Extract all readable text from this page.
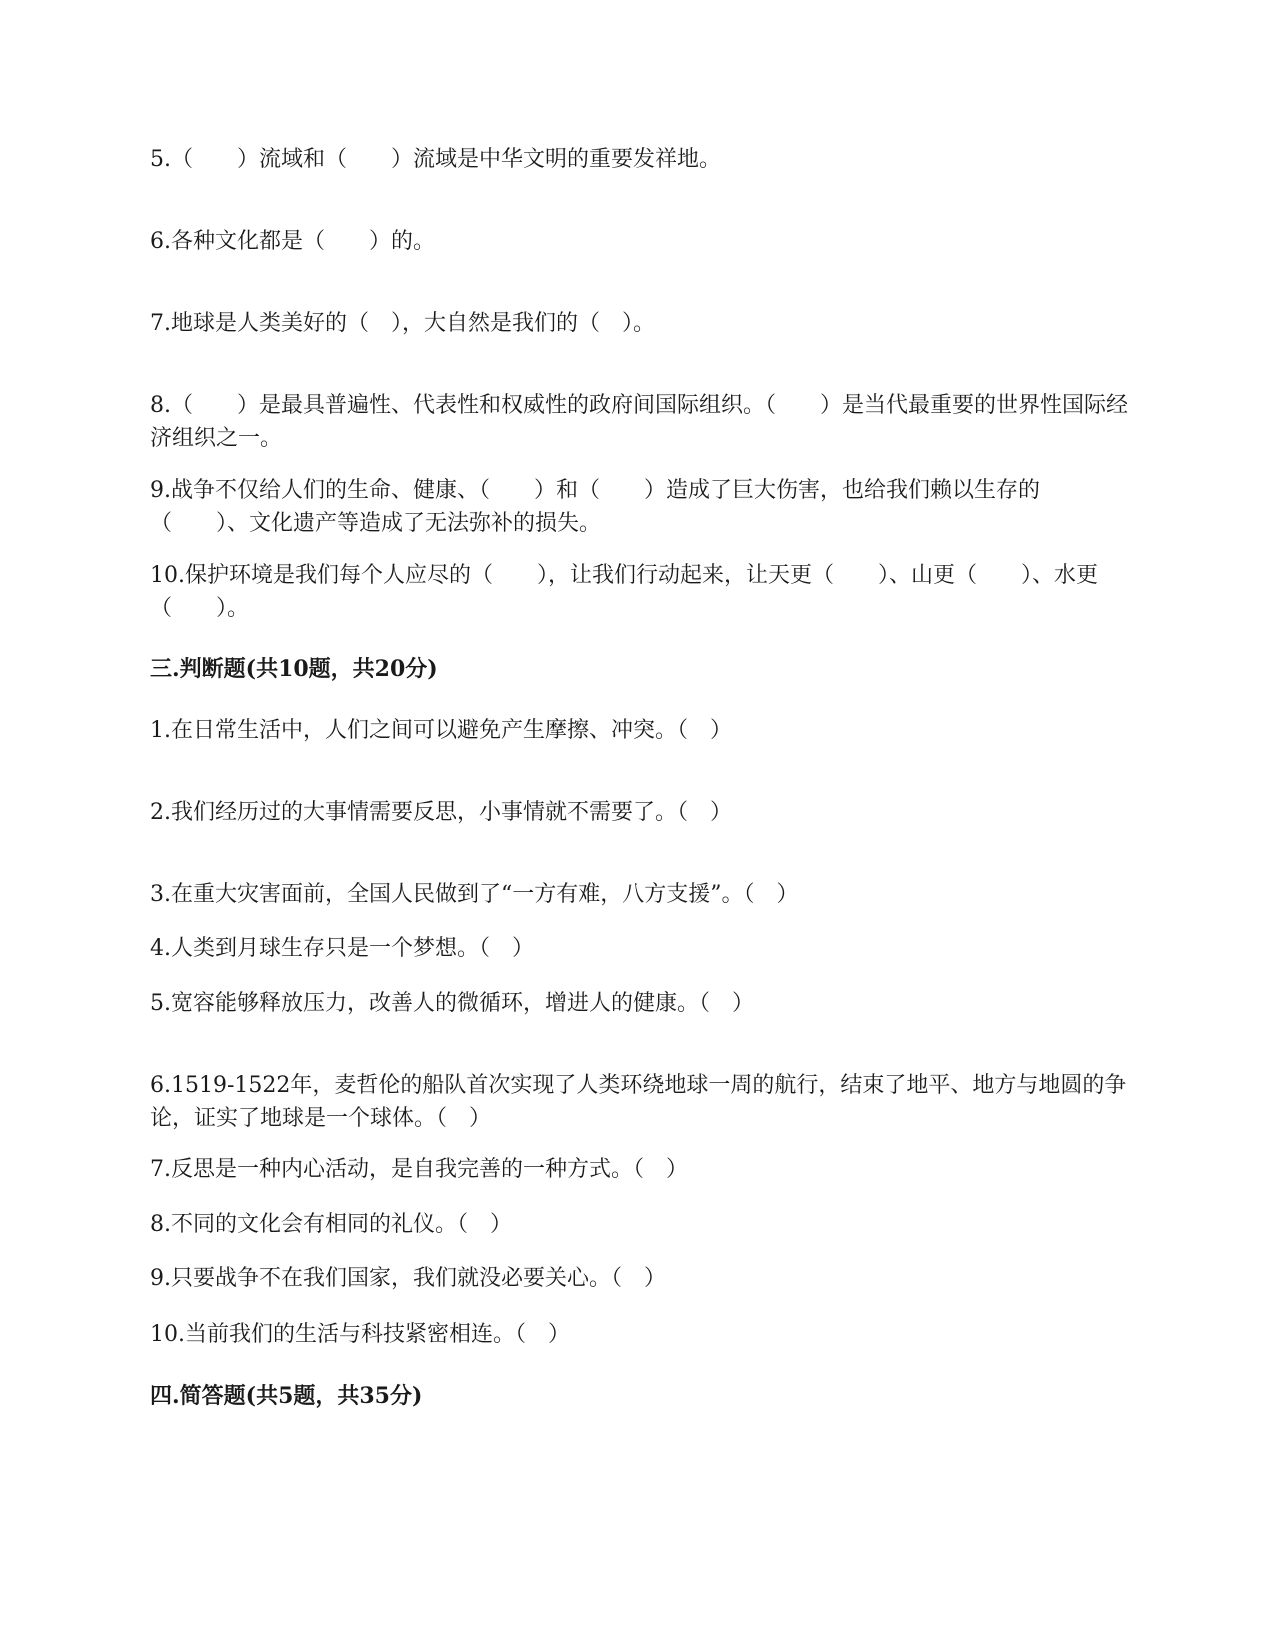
5.（　　）流域和（　　）流域是中华文明的重要发祥地。
6.各种文化都是（　　）的。
7.地球是人类美好的（　），大自然是我们的（　）。
8.（　　）是最具普遍性、代表性和权威性的政府间国际组织。（　　）是当代最重要的世界性国际经济组织之一。
9.战争不仅给人们的生命、健康、（　　）和（　　）造成了巨大伤害，也给我们赖以生存的（　　）、文化遗产等造成了无法弥补的损失。
10.保护环境是我们每个人应尽的（　　），让我们行动起来，让天更（　　）、山更（　　）、水更（　　）。
三.判断题(共10题，共20分)
1.在日常生活中，人们之间可以避免产生摩擦、冲突。（　）
2.我们经历过的大事情需要反思，小事情就不需要了。（　）
3.在重大灾害面前，全国人民做到了“一方有难，八方支援”。（　）
4.人类到月球生存只是一个梦想。（　）
5.宽容能够释放压力，改善人的微循环，增进人的健康。（　）
6.1519-1522年，麦哲伦的船队首次实现了人类环绕地球一周的航行，结束了地平、地方与地圆的争论，证实了地球是一个球体。（　）
7.反思是一种内心活动，是自我完善的一种方式。（　）
8.不同的文化会有相同的礼仪。（　）
9.只要战争不在我们国家，我们就没必要关心。（　）
10.当前我们的生活与科技紧密相连。（　）
四.简答题(共5题，共35分)
